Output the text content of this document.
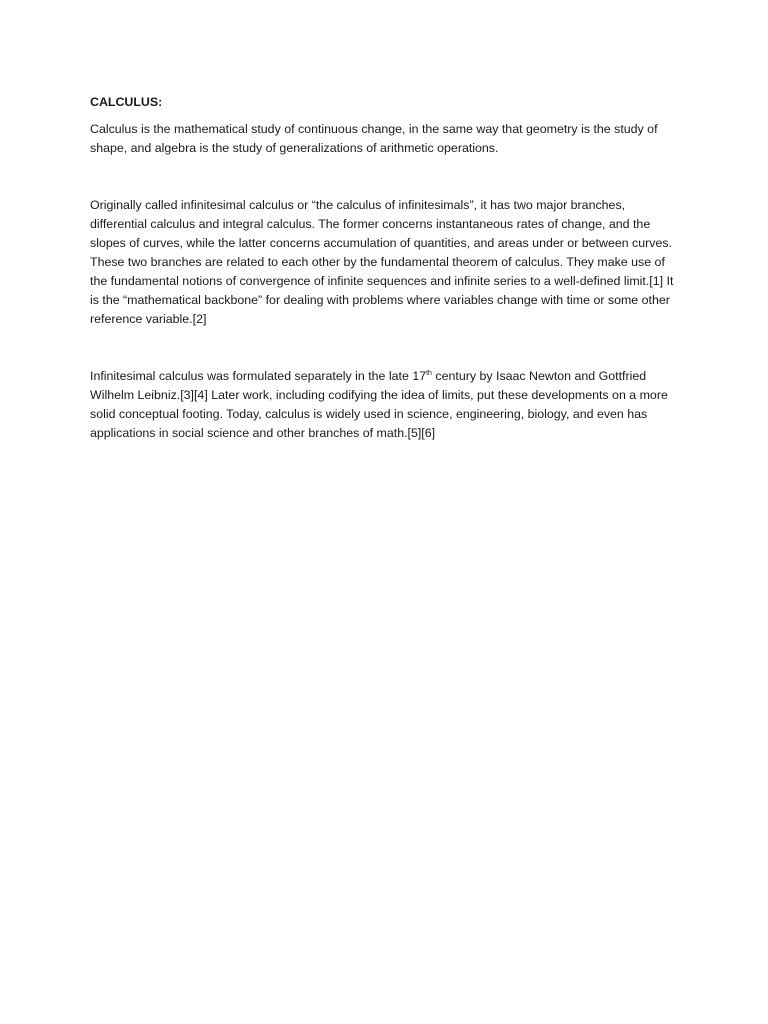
CALCULUS:

Calculus is the mathematical study of continuous change, in the same way that geometry is the study of shape, and algebra is the study of generalizations of arithmetic operations.

Originally called infinitesimal calculus or “the calculus of infinitesimals”, it has two major branches, differential calculus and integral calculus. The former concerns instantaneous rates of change, and the slopes of curves, while the latter concerns accumulation of quantities, and areas under or between curves. These two branches are related to each other by the fundamental theorem of calculus. They make use of the fundamental notions of convergence of infinite sequences and infinite series to a well-defined limit.[1] It is the “mathematical backbone” for dealing with problems where variables change with time or some other reference variable.[2]

Infinitesimal calculus was formulated separately in the late 17th century by Isaac Newton and Gottfried Wilhelm Leibniz.[3][4] Later work, including codifying the idea of limits, put these developments on a more solid conceptual footing. Today, calculus is widely used in science, engineering, biology, and even has applications in social science and other branches of math.[5][6]
